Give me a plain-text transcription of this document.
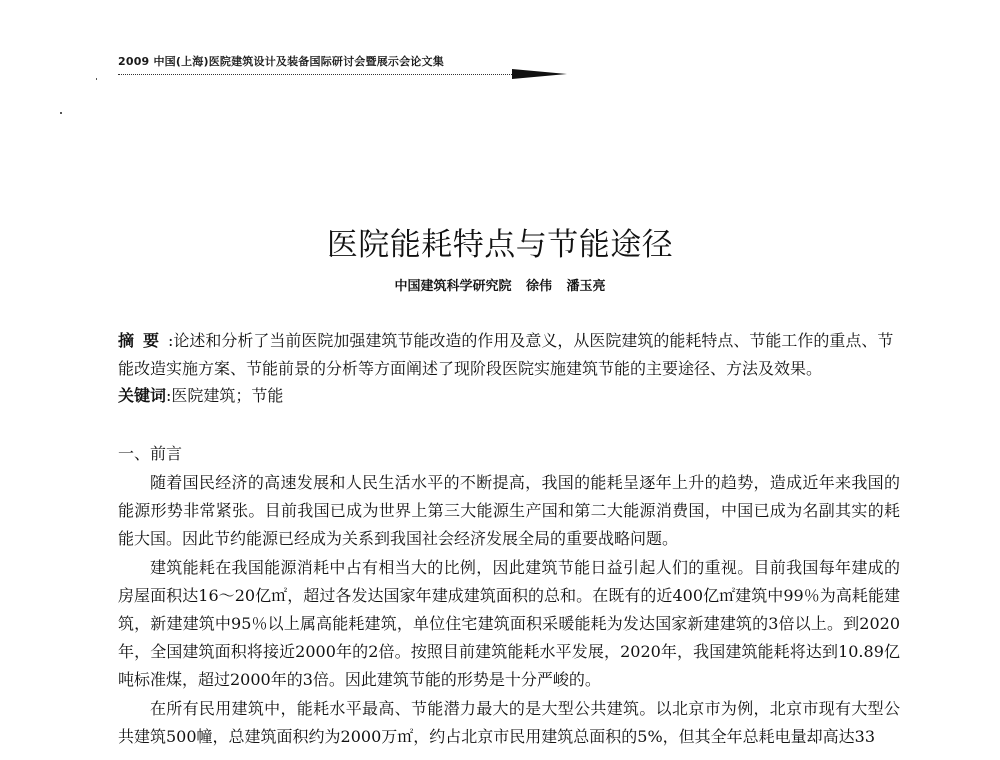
2009 中国(上海)医院建筑设计及装备国际研讨会暨展示会论文集
医院能耗特点与节能途径
中国建筑科学研究院 徐伟 潘玉亮
摘要:论述和分析了当前医院加强建筑节能改造的作用及意义，从医院建筑的能耗特点、节能工作的重点、节能改造实施方案、节能前景的分析等方面阐述了现阶段医院实施建筑节能的主要途径、方法及效果。
关键词:医院建筑；节能
一、前言

随着国民经济的高速发展和人民生活水平的不断提高，我国的能耗呈逐年上升的趋势，造成近年来我国的能源形势非常紧张。目前我国已成为世界上第三大能源生产国和第二大能源消费国，中国已成为名副其实的耗能大国。因此节约能源已经成为关系到我国社会经济发展全局的重要战略问题。

建筑能耗在我国能源消耗中占有相当大的比例，因此建筑节能日益引起人们的重视。目前我国每年建成的房屋面积达16～20亿㎡，超过各发达国家年建成建筑面积的总和。在既有的近400亿㎡建筑中99％为高耗能建筑，新建建筑中95％以上属高能耗建筑，单位住宅建筑面积采暖能耗为发达国家新建建筑的3倍以上。到2020年，全国建筑面积将接近2000年的2倍。按照目前建筑能耗水平发展，2020年，我国建筑能耗将达到10.89亿吨标准煤，超过2000年的3倍。因此建筑节能的形势是十分严峻的。

在所有民用建筑中，能耗水平最高、节能潜力最大的是大型公共建筑。以北京市为例，北京市现有大型公共建筑500幢，总建筑面积约为2000万㎡，约占北京市民用建筑总面积的5%，但其全年总耗电量却高达33
